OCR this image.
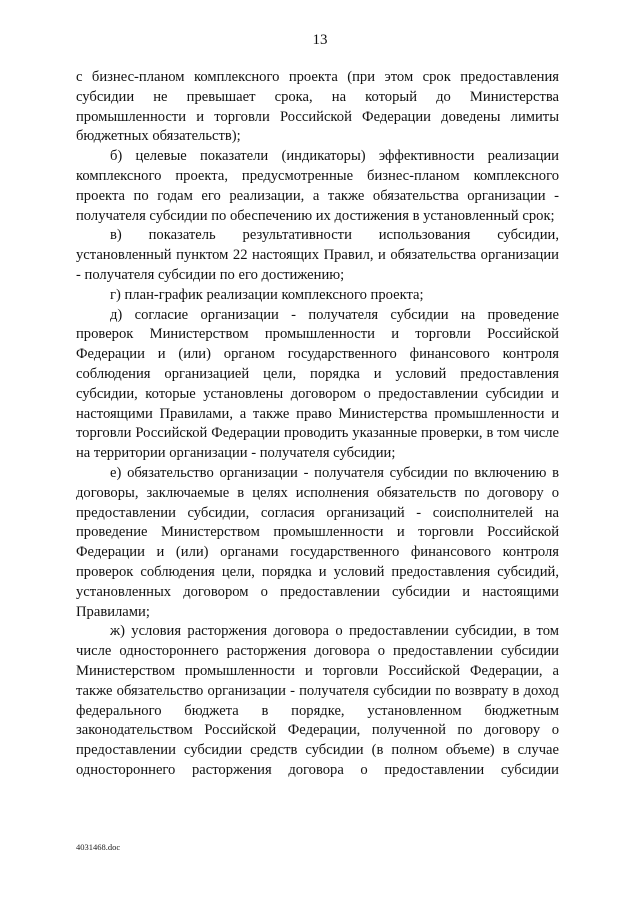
13

с бизнес-планом комплексного проекта (при этом срок предоставления субсидии не превышает срока, на который до Министерства промышленности и торговли Российской Федерации доведены лимиты бюджетных обязательств);

б) целевые показатели (индикаторы) эффективности реализации комплексного проекта, предусмотренные бизнес-планом комплексного проекта по годам его реализации, а также обязательства организации - получателя субсидии по обеспечению их достижения в установленный срок;

в) показатель результативности использования субсидии, установленный пунктом 22 настоящих Правил, и обязательства организации - получателя субсидии по его достижению;

г) план-график реализации комплексного проекта;

д) согласие организации - получателя субсидии на проведение проверок Министерством промышленности и торговли Российской Федерации и (или) органом государственного финансового контроля соблюдения организацией цели, порядка и условий предоставления субсидии, которые установлены договором о предоставлении субсидии и настоящими Правилами, а также право Министерства промышленности и торговли Российской Федерации проводить указанные проверки, в том числе на территории организации - получателя субсидии;

е) обязательство организации - получателя субсидии по включению в договоры, заключаемые в целях исполнения обязательств по договору о предоставлении субсидии, согласия организаций - соисполнителей на проведение Министерством промышленности и торговли Российской Федерации и (или) органами государственного финансового контроля проверок соблюдения цели, порядка и условий предоставления субсидий, установленных договором о предоставлении субсидии и настоящими Правилами;

ж) условия расторжения договора о предоставлении субсидии, в том числе одностороннего расторжения договора о предоставлении субсидии Министерством промышленности и торговли Российской Федерации, а также обязательство организации - получателя субсидии по возврату в доход федерального бюджета в порядке, установленном бюджетным законодательством Российской Федерации, полученной по договору о предоставлении субсидии средств субсидии (в полном объеме) в случае одностороннего расторжения договора о предоставлении субсидии

4031468.doc
